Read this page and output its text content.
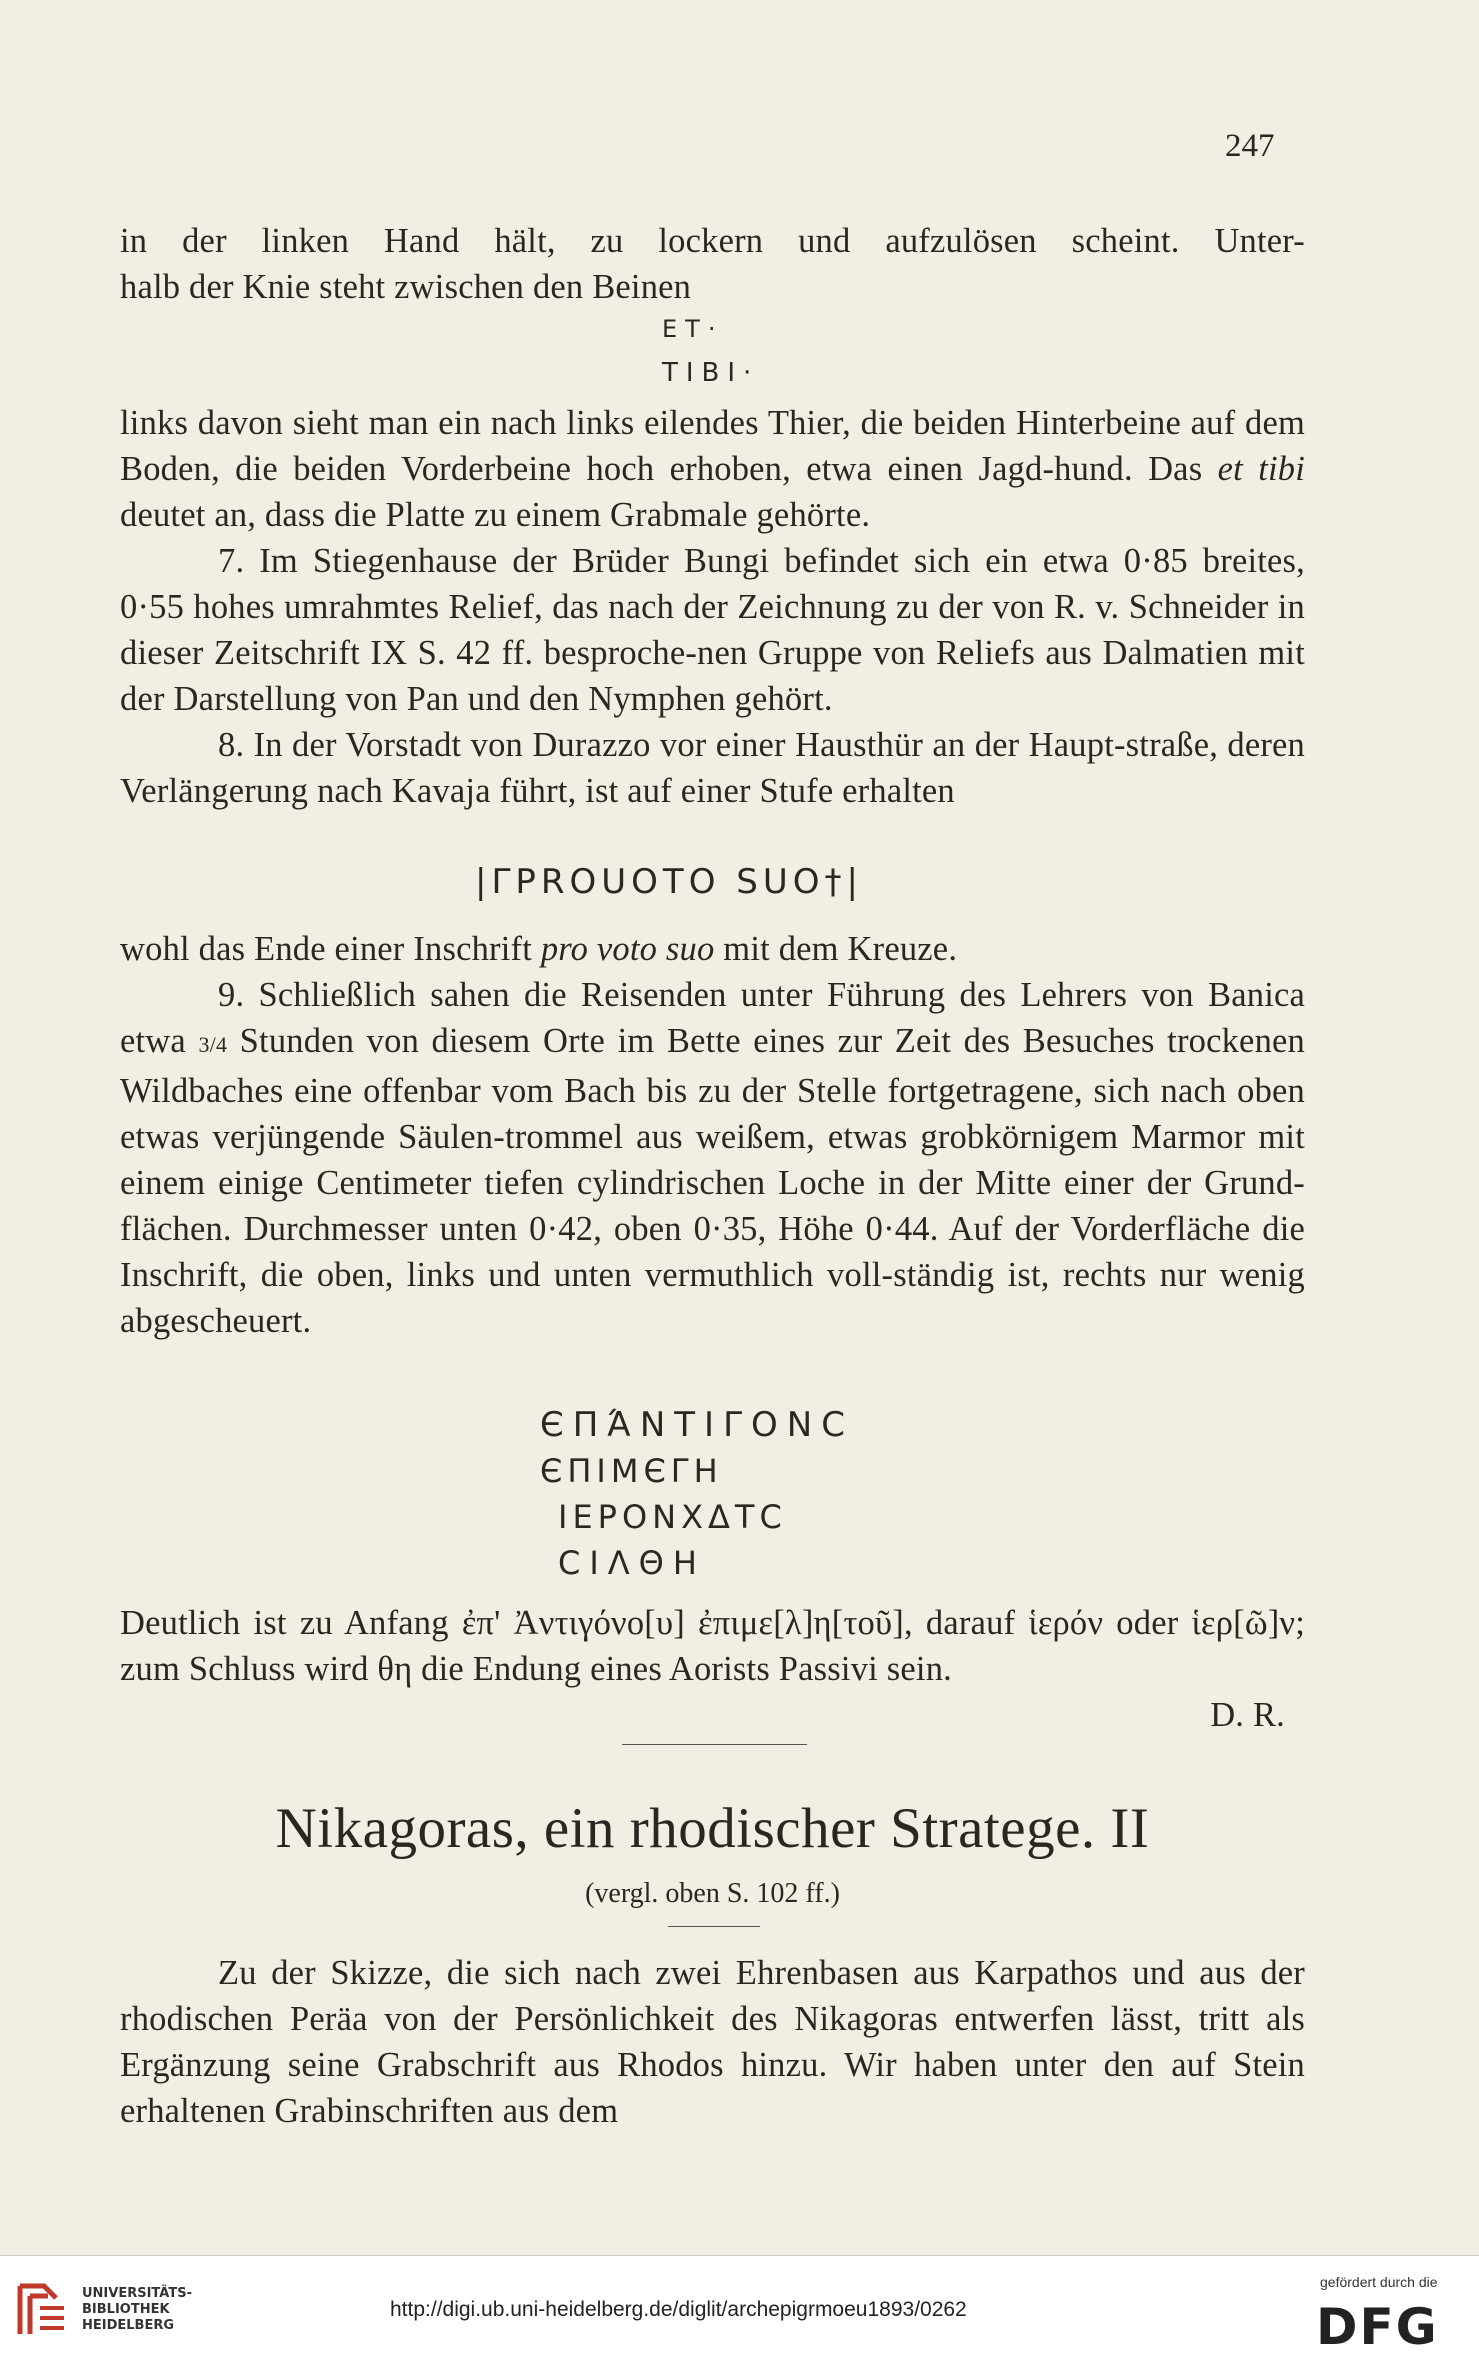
247

in der linken Hand hält, zu lockern und aufzulösen scheint. Unter-

halb der Knie steht zwischen den Beinen

ET·
TIBI·

links davon sieht man ein nach links eilendes Thier, die beiden Hinterbeine auf dem Boden, die beiden Vorderbeine hoch erhoben, etwa einen Jagd-hund. Das et tibi deutet an, dass die Platte zu einem Grabmale gehörte.

7. Im Stiegenhause der Brüder Bungi befindet sich ein etwa 0·85 breites, 0·55 hohes umrahmtes Relief, das nach der Zeichnung zu der von R. v. Schneider in dieser Zeitschrift IX S. 42 ff. besproche-nen Gruppe von Reliefs aus Dalmatien mit der Darstellung von Pan und den Nymphen gehört.

8. In der Vorstadt von Durazzo vor einer Hausthür an der Haupt-straße, deren Verlängerung nach Kavaja führt, ist auf einer Stufe erhalten

|ΓPROUOTO SUO†|

wohl das Ende einer Inschrift pro voto suo mit dem Kreuze.

9. Schließlich sahen die Reisenden unter Führung des Lehrers von Banica etwa 3/4 Stunden von diesem Orte im Bette eines zur Zeit des Besuches trockenen Wildbaches eine offenbar vom Bach bis zu der Stelle fortgetragene, sich nach oben etwas verjüngende Säulen-trommel aus weißem, etwas grobkörnigem Marmor mit einem einige Centimeter tiefen cylindrischen Loche in der Mitte einer der Grund-flächen. Durchmesser unten 0·42, oben 0·35, Höhe 0·44. Auf der Vorderfläche die Inschrift, die oben, links und unten vermuthlich voll-ständig ist, rechts nur wenig abgescheuert.

ЄΠΆΝΤΙΓΟΝC
ЄΠΙΜЄΓΗ
ΙΕΡΟΝΧΔΤC
CΙΛΘΗ

Deutlich ist zu Anfang ἐπ' Ἀντιγόνο[υ] ἐπιμε[λ]η[τοῦ], darauf ἱερόν oder ἱερ[ῶ]ν; zum Schluss wird θη die Endung eines Aorists Passivi sein.

D. R.

Nikagoras, ein rhodischer Stratege. II
(vergl. oben S. 102 ff.)

Zu der Skizze, die sich nach zwei Ehrenbasen aus Karpathos und aus der rhodischen Peräa von der Persönlichkeit des Nikagoras entwerfen lässt, tritt als Ergänzung seine Grabschrift aus Rhodos hinzu. Wir haben unter den auf Stein erhaltenen Grabinschriften aus dem

UNIVERSITÄTS-
BIBLIOTHEK
HEIDELBERG
http://digi.ub.uni-heidelberg.de/diglit/archepigrmoeu1893/0262
gefördert durch die
DFG
